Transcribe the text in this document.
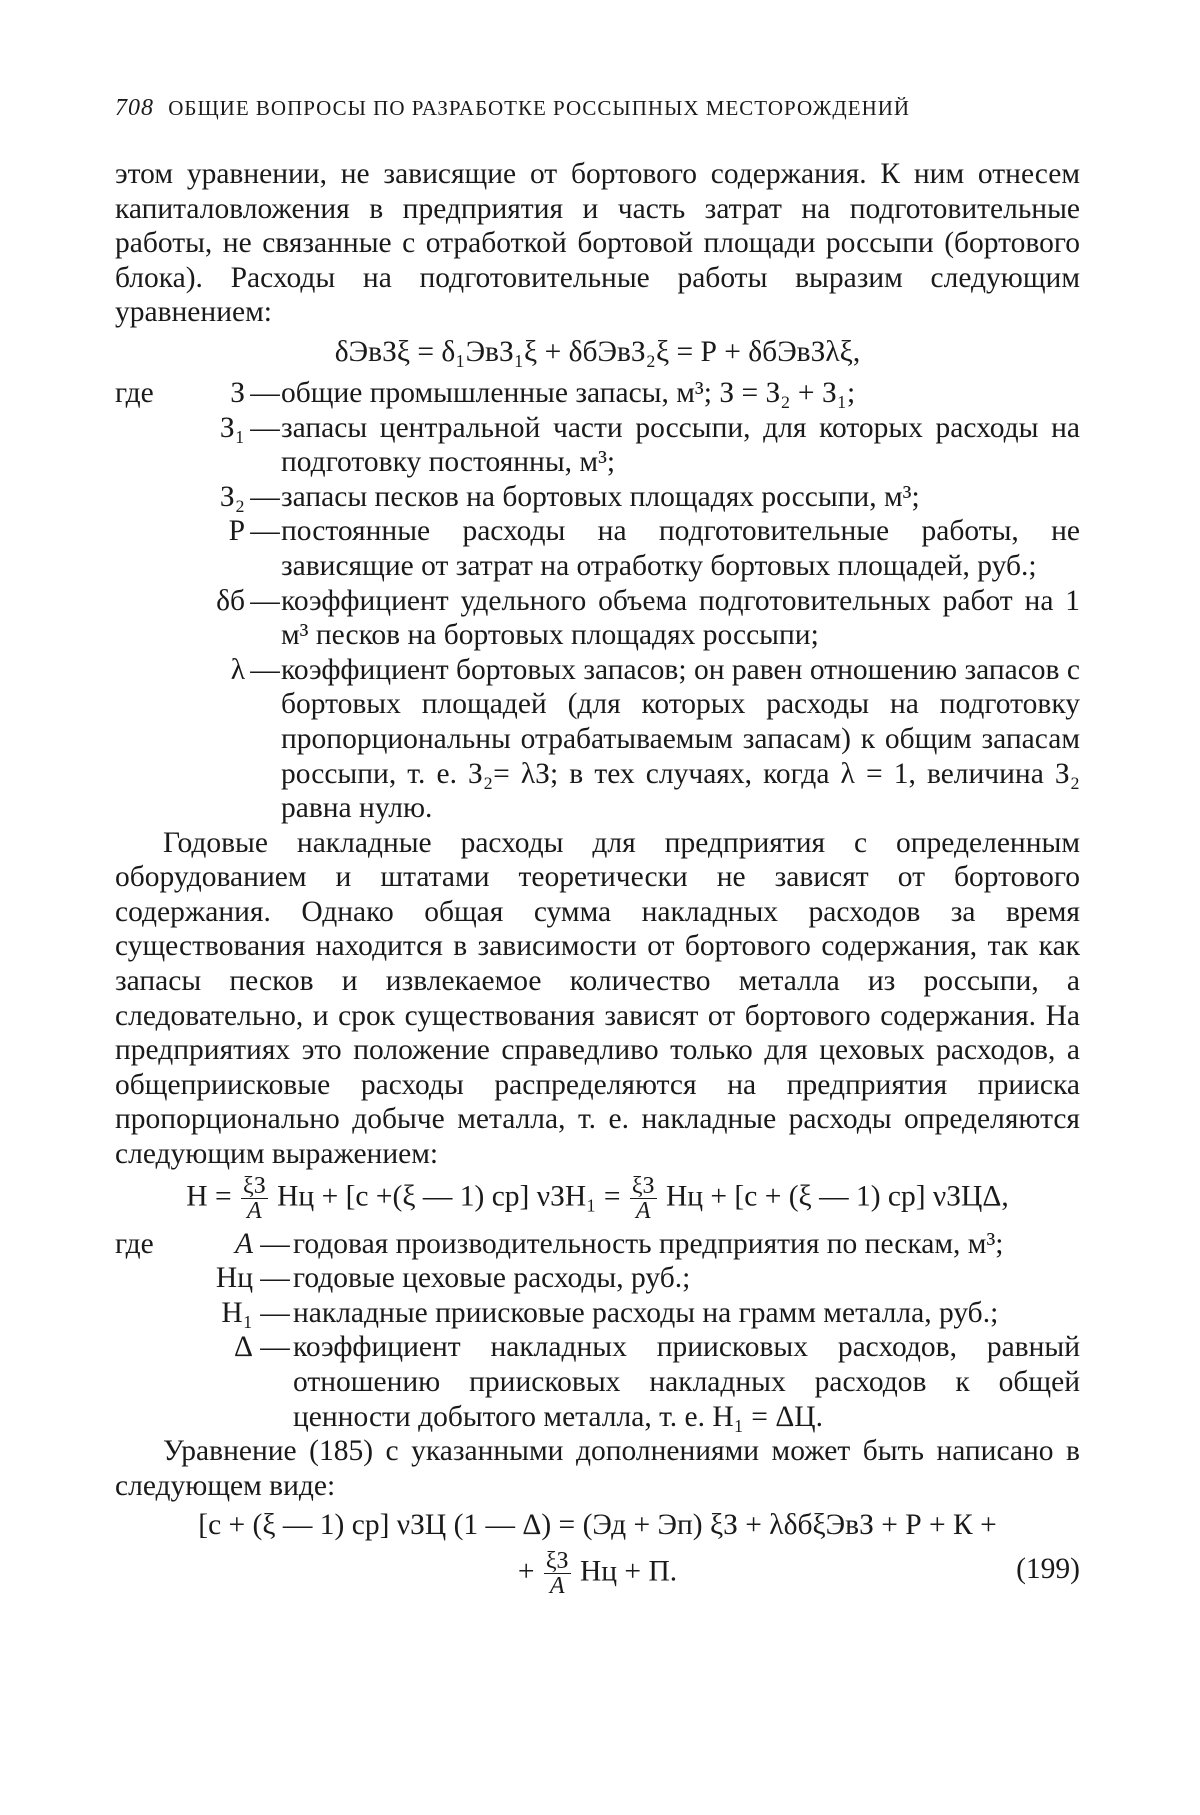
708 ОБЩИЕ ВОПРОСЫ ПО РАЗРАБОТКЕ РОССЫПНЫХ МЕСТОРОЖДЕНИЙ

этом уравнении, не зависящие от бортового содержания. К ним отнесем капиталовложения в предприятия и часть затрат на подготовительные работы, не связанные с отработкой бортовой площади россыпи (бортового блока). Расходы на подготовительные работы выразим следующим уравнением:

δЭвЗξ = δ₁ЭвЗ₁ξ + δбЭвЗ₂ξ = Р + δбЭвЗλξ,
где	З — общие промышленные запасы, м³; З = З₂ + З₁;
З₁ — запасы центральной части россыпи, для которых расходы на подготовку постоянны, м³;
З₂ — запасы песков на бортовых площадях россыпи, м³;
Р — постоянные расходы на подготовительные работы, не зависящие от затрат на отработку бортовых площадей, руб.;
δб — коэффициент удельного объема подготовительных работ на 1 м³ песков на бортовых площадях россыпи;
λ — коэффициент бортовых запасов; он равен отношению запасов с бортовых площадей (для которых расходы на подготовку пропорциональны отрабатываемым запасам) к общим запасам россыпи, т. е. З₂= λЗ; в тех случаях, когда λ = 1, величина З₂ равна нулю.

Годовые накладные расходы для предприятия с определенным оборудованием и штатами теоретически не зависят от бортового содержания. Однако общая сумма накладных расходов за время существования находится в зависимости от бортового содержания, так как запасы песков и извлекаемое количество металла из россыпи, а следовательно, и срок существования зависят от бортового содержания. На предприятиях это положение справедливо только для цеховых расходов, а общеприисковые расходы распределяются на предприятия прииска пропорционально добыче металла, т. е. накладные расходы определяются следующим выражением:

Н = ξЗ
А Нц + [с +(ξ — 1) ср] νЗН₁ = ξЗ
А Нц + [с + (ξ — 1) ср] νЗЦΔ,
где	А — годовая производительность предприятия по пескам, м³;
Нц — годовые цеховые расходы, руб.;
Н₁ — накладные приисковые расходы на грамм металла, руб.;
Δ — коэффициент накладных приисковых расходов, равный отношению приисковых накладных расходов к общей ценности добытого металла, т. е. Н₁ = ΔЦ.

Уравнение (185) с указанными дополнениями может быть написано в следующем виде:

[с + (ξ — 1) ср] νЗЦ (1 — Δ) = (Эд + Эп) ξЗ + λδбξЭвЗ + Р + К +
+ ξЗ
А Нц + П.	(199)
